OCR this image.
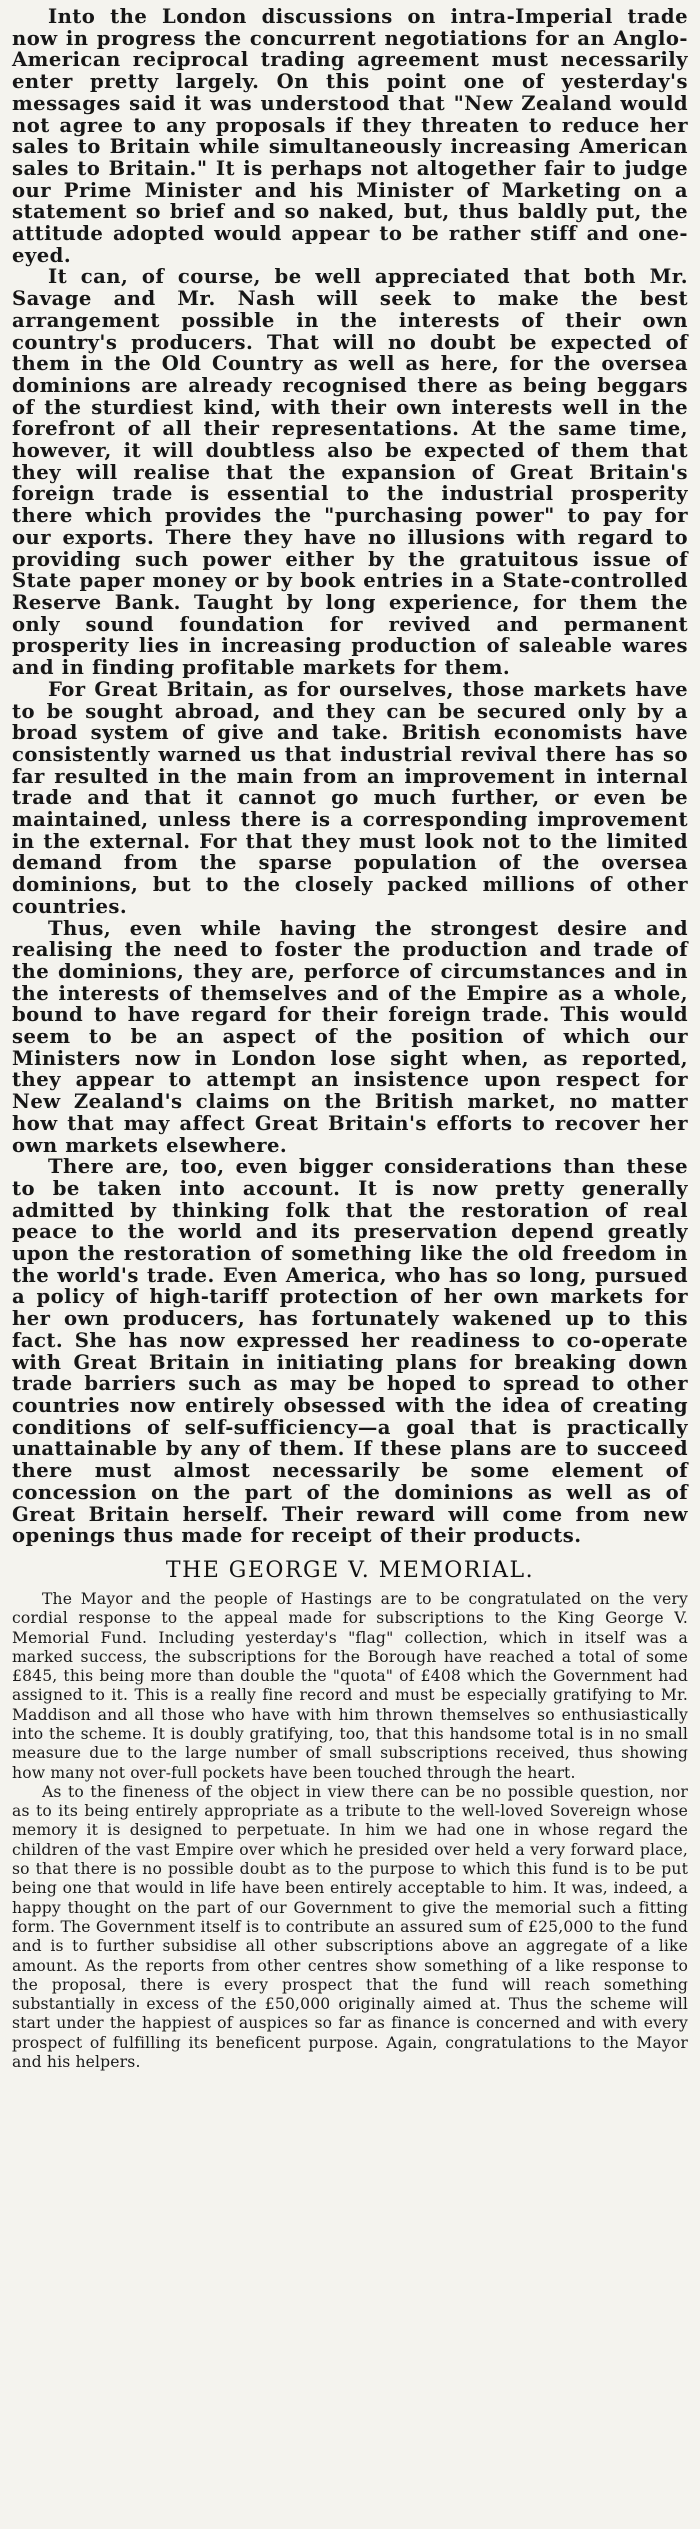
Into the London discussions on intra-Imperial trade now in progress the concurrent negotiations for an Anglo-American reciprocal trading agreement must necessarily enter pretty largely. On this point one of yesterday's messages said it was understood that "New Zealand would not agree to any proposals if they threaten to reduce her sales to Britain while simultaneously increasing American sales to Britain." It is perhaps not altogether fair to judge our Prime Minister and his Minister of Marketing on a statement so brief and so naked, but, thus baldly put, the attitude adopted would appear to be rather stiff and one-eyed.

It can, of course, be well appreciated that both Mr. Savage and Mr. Nash will seek to make the best arrangement possible in the interests of their own country's producers. That will no doubt be expected of them in the Old Country as well as here, for the oversea dominions are already recognised there as being beggars of the sturdiest kind, with their own interests well in the forefront of all their representations. At the same time, however, it will doubtless also be expected of them that they will realise that the expansion of Great Britain's foreign trade is essential to the industrial prosperity there which provides the "purchasing power" to pay for our exports. There they have no illusions with regard to providing such power either by the gratuitous issue of State paper money or by book entries in a State-controlled Reserve Bank. Taught by long experience, for them the only sound foundation for revived and permanent prosperity lies in increasing production of saleable wares and in finding profitable markets for them.

For Great Britain, as for ourselves, those markets have to be sought abroad, and they can be secured only by a broad system of give and take. British economists have consistently warned us that industrial revival there has so far resulted in the main from an improvement in internal trade and that it cannot go much further, or even be maintained, unless there is a corresponding improvement in the external. For that they must look not to the limited demand from the sparse population of the oversea dominions, but to the closely packed millions of other countries.

Thus, even while having the strongest desire and realising the need to foster the production and trade of the dominions, they are, perforce of circumstances and in the interests of themselves and of the Empire as a whole, bound to have regard for their foreign trade. This would seem to be an aspect of the position of which our Ministers now in London lose sight when, as reported, they appear to attempt an insistence upon respect for New Zealand's claims on the British market, no matter how that may affect Great Britain's efforts to recover her own markets elsewhere.

There are, too, even bigger considerations than these to be taken into account. It is now pretty generally admitted by thinking folk that the restoration of real peace to the world and its preservation depend greatly upon the restoration of something like the old freedom in the world's trade. Even America, who has so long, pursued a policy of high-tariff protection of her own markets for her own producers, has fortunately wakened up to this fact. She has now expressed her readiness to co-operate with Great Britain in initiating plans for breaking down trade barriers such as may be hoped to spread to other countries now entirely obsessed with the idea of creating conditions of self-sufficiency—a goal that is practically unattainable by any of them. If these plans are to succeed there must almost necessarily be some element of concession on the part of the dominions as well as of Great Britain herself. Their reward will come from new openings thus made for receipt of their products.

THE GEORGE V. MEMORIAL.

The Mayor and the people of Hastings are to be congratulated on the very cordial response to the appeal made for subscriptions to the King George V. Memorial Fund. Including yesterday's "flag" collection, which in itself was a marked success, the subscriptions for the Borough have reached a total of some £845, this being more than double the "quota" of £408 which the Government had assigned to it. This is a really fine record and must be especially gratifying to Mr. Maddison and all those who have with him thrown themselves so enthusiastically into the scheme. It is doubly gratifying, too, that this handsome total is in no small measure due to the large number of small subscriptions received, thus showing how many not over-full pockets have been touched through the heart.

As to the fineness of the object in view there can be no possible question, nor as to its being entirely appropriate as a tribute to the well-loved Sovereign whose memory it is designed to perpetuate. In him we had one in whose regard the children of the vast Empire over which he presided over held a very forward place, so that there is no possible doubt as to the purpose to which this fund is to be put being one that would in life have been entirely acceptable to him. It was, indeed, a happy thought on the part of our Government to give the memorial such a fitting form. The Government itself is to contribute an assured sum of £25,000 to the fund and is to further subsidise all other subscriptions above an aggregate of a like amount. As the reports from other centres show something of a like response to the proposal, there is every prospect that the fund will reach something substantially in excess of the £50,000 originally aimed at. Thus the scheme will start under the happiest of auspices so far as finance is concerned and with every prospect of fulfilling its beneficent purpose. Again, congratulations to the Mayor and his helpers.
